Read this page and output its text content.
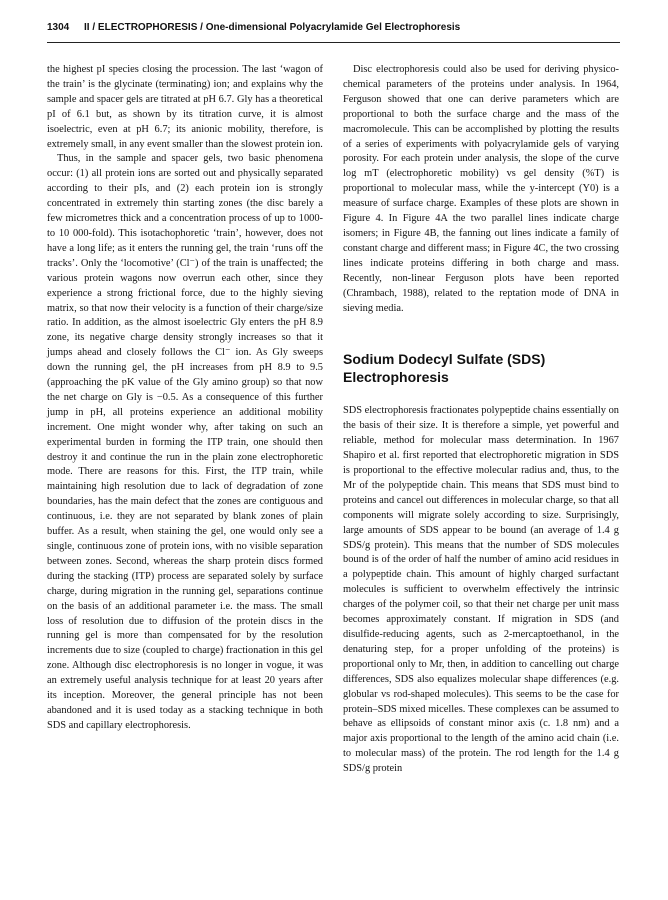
1304 II / ELECTROPHORESIS / One-dimensional Polyacrylamide Gel Electrophoresis

the highest pI species closing the procession. The last ‘wagon of the train’ is the glycinate (terminating) ion; and explains why the sample and spacer gels are titrated at pH 6.7. Gly has a theoretical pI of 6.1 but, as shown by its titration curve, it is almost isoelectric, even at pH 6.7; its anionic mobility, therefore, is extremely small, in any event smaller than the slowest protein ion.

Thus, in the sample and spacer gels, two basic phenomena occur: (1) all protein ions are sorted out and physically separated according to their pIs, and (2) each protein ion is strongly concentrated in extremely thin starting zones (the disc barely a few micrometres thick and a concentration process of up to 1000- to 10 000-fold). This isotachophoretic ‘train’, however, does not have a long life; as it enters the running gel, the train ‘runs off the tracks’. Only the ‘locomotive’ (Cl⁻) of the train is unaffected; the various protein wagons now overrun each other, since they experience a strong frictional force, due to the highly sieving matrix, so that now their velocity is a function of their charge/size ratio. In addition, as the almost isoelectric Gly enters the pH 8.9 zone, its negative charge density strongly increases so that it jumps ahead and closely follows the Cl⁻ ion. As Gly sweeps down the running gel, the pH increases from pH 8.9 to 9.5 (approaching the pK value of the Gly amino group) so that now the net charge on Gly is −0.5. As a consequence of this further jump in pH, all proteins experience an additional mobility increment. One might wonder why, after taking on such an experimental burden in forming the ITP train, one should then destroy it and continue the run in the plain zone electrophoretic mode. There are reasons for this. First, the ITP train, while maintaining high resolution due to lack of degradation of zone boundaries, has the main defect that the zones are contiguous and continuous, i.e. they are not separated by blank zones of plain buffer. As a result, when staining the gel, one would only see a single, continuous zone of protein ions, with no visible separation between zones. Second, whereas the sharp protein discs formed during the stacking (ITP) process are separated solely by surface charge, during migration in the running gel, separations continue on the basis of an additional parameter i.e. the mass. The small loss of resolution due to diffusion of the protein discs in the running gel is more than compensated for by the resolution increments due to size (coupled to charge) fractionation in this gel zone. Although disc electrophoresis is no longer in vogue, it was an extremely useful analysis technique for at least 20 years after its inception. Moreover, the general principle has not been abandoned and it is used today as a stacking technique in both SDS and capillary electrophoresis.

Disc electrophoresis could also be used for deriving physico-chemical parameters of the proteins under analysis. In 1964, Ferguson showed that one can derive parameters which are proportional to both the surface charge and the mass of the macromolecule. This can be accomplished by plotting the results of a series of experiments with polyacrylamide gels of varying porosity. For each protein under analysis, the slope of the curve log mT (electrophoretic mobility) vs gel density (%T) is proportional to molecular mass, while the y-intercept (Y0) is a measure of surface charge. Examples of these plots are shown in Figure 4. In Figure 4A the two parallel lines indicate charge isomers; in Figure 4B, the fanning out lines indicate a family of constant charge and different mass; in Figure 4C, the two crossing lines indicate proteins differing in both charge and mass. Recently, non-linear Ferguson plots have been reported (Chrambach, 1988), related to the reptation mode of DNA in sieving media.

Sodium Dodecyl Sulfate (SDS) Electrophoresis

SDS electrophoresis fractionates polypeptide chains essentially on the basis of their size. It is therefore a simple, yet powerful and reliable, method for molecular mass determination. In 1967 Shapiro et al. first reported that electrophoretic migration in SDS is proportional to the effective molecular radius and, thus, to the Mr of the polypeptide chain. This means that SDS must bind to proteins and cancel out differences in molecular charge, so that all components will migrate solely according to size. Surprisingly, large amounts of SDS appear to be bound (an average of 1.4 g SDS/g protein). This means that the number of SDS molecules bound is of the order of half the number of amino acid residues in a polypeptide chain. This amount of highly charged surfactant molecules is sufficient to overwhelm effectively the intrinsic charges of the polymer coil, so that their net charge per unit mass becomes approximately constant. If migration in SDS (and disulfide-reducing agents, such as 2-mercaptoethanol, in the denaturing step, for a proper unfolding of the proteins) is proportional only to Mr, then, in addition to cancelling out charge differences, SDS also equalizes molecular shape differences (e.g. globular vs rod-shaped molecules). This seems to be the case for protein–SDS mixed micelles. These complexes can be assumed to behave as ellipsoids of constant minor axis (c. 1.8 nm) and a major axis proportional to the length of the amino acid chain (i.e. to molecular mass) of the protein. The rod length for the 1.4 g SDS/g protein
